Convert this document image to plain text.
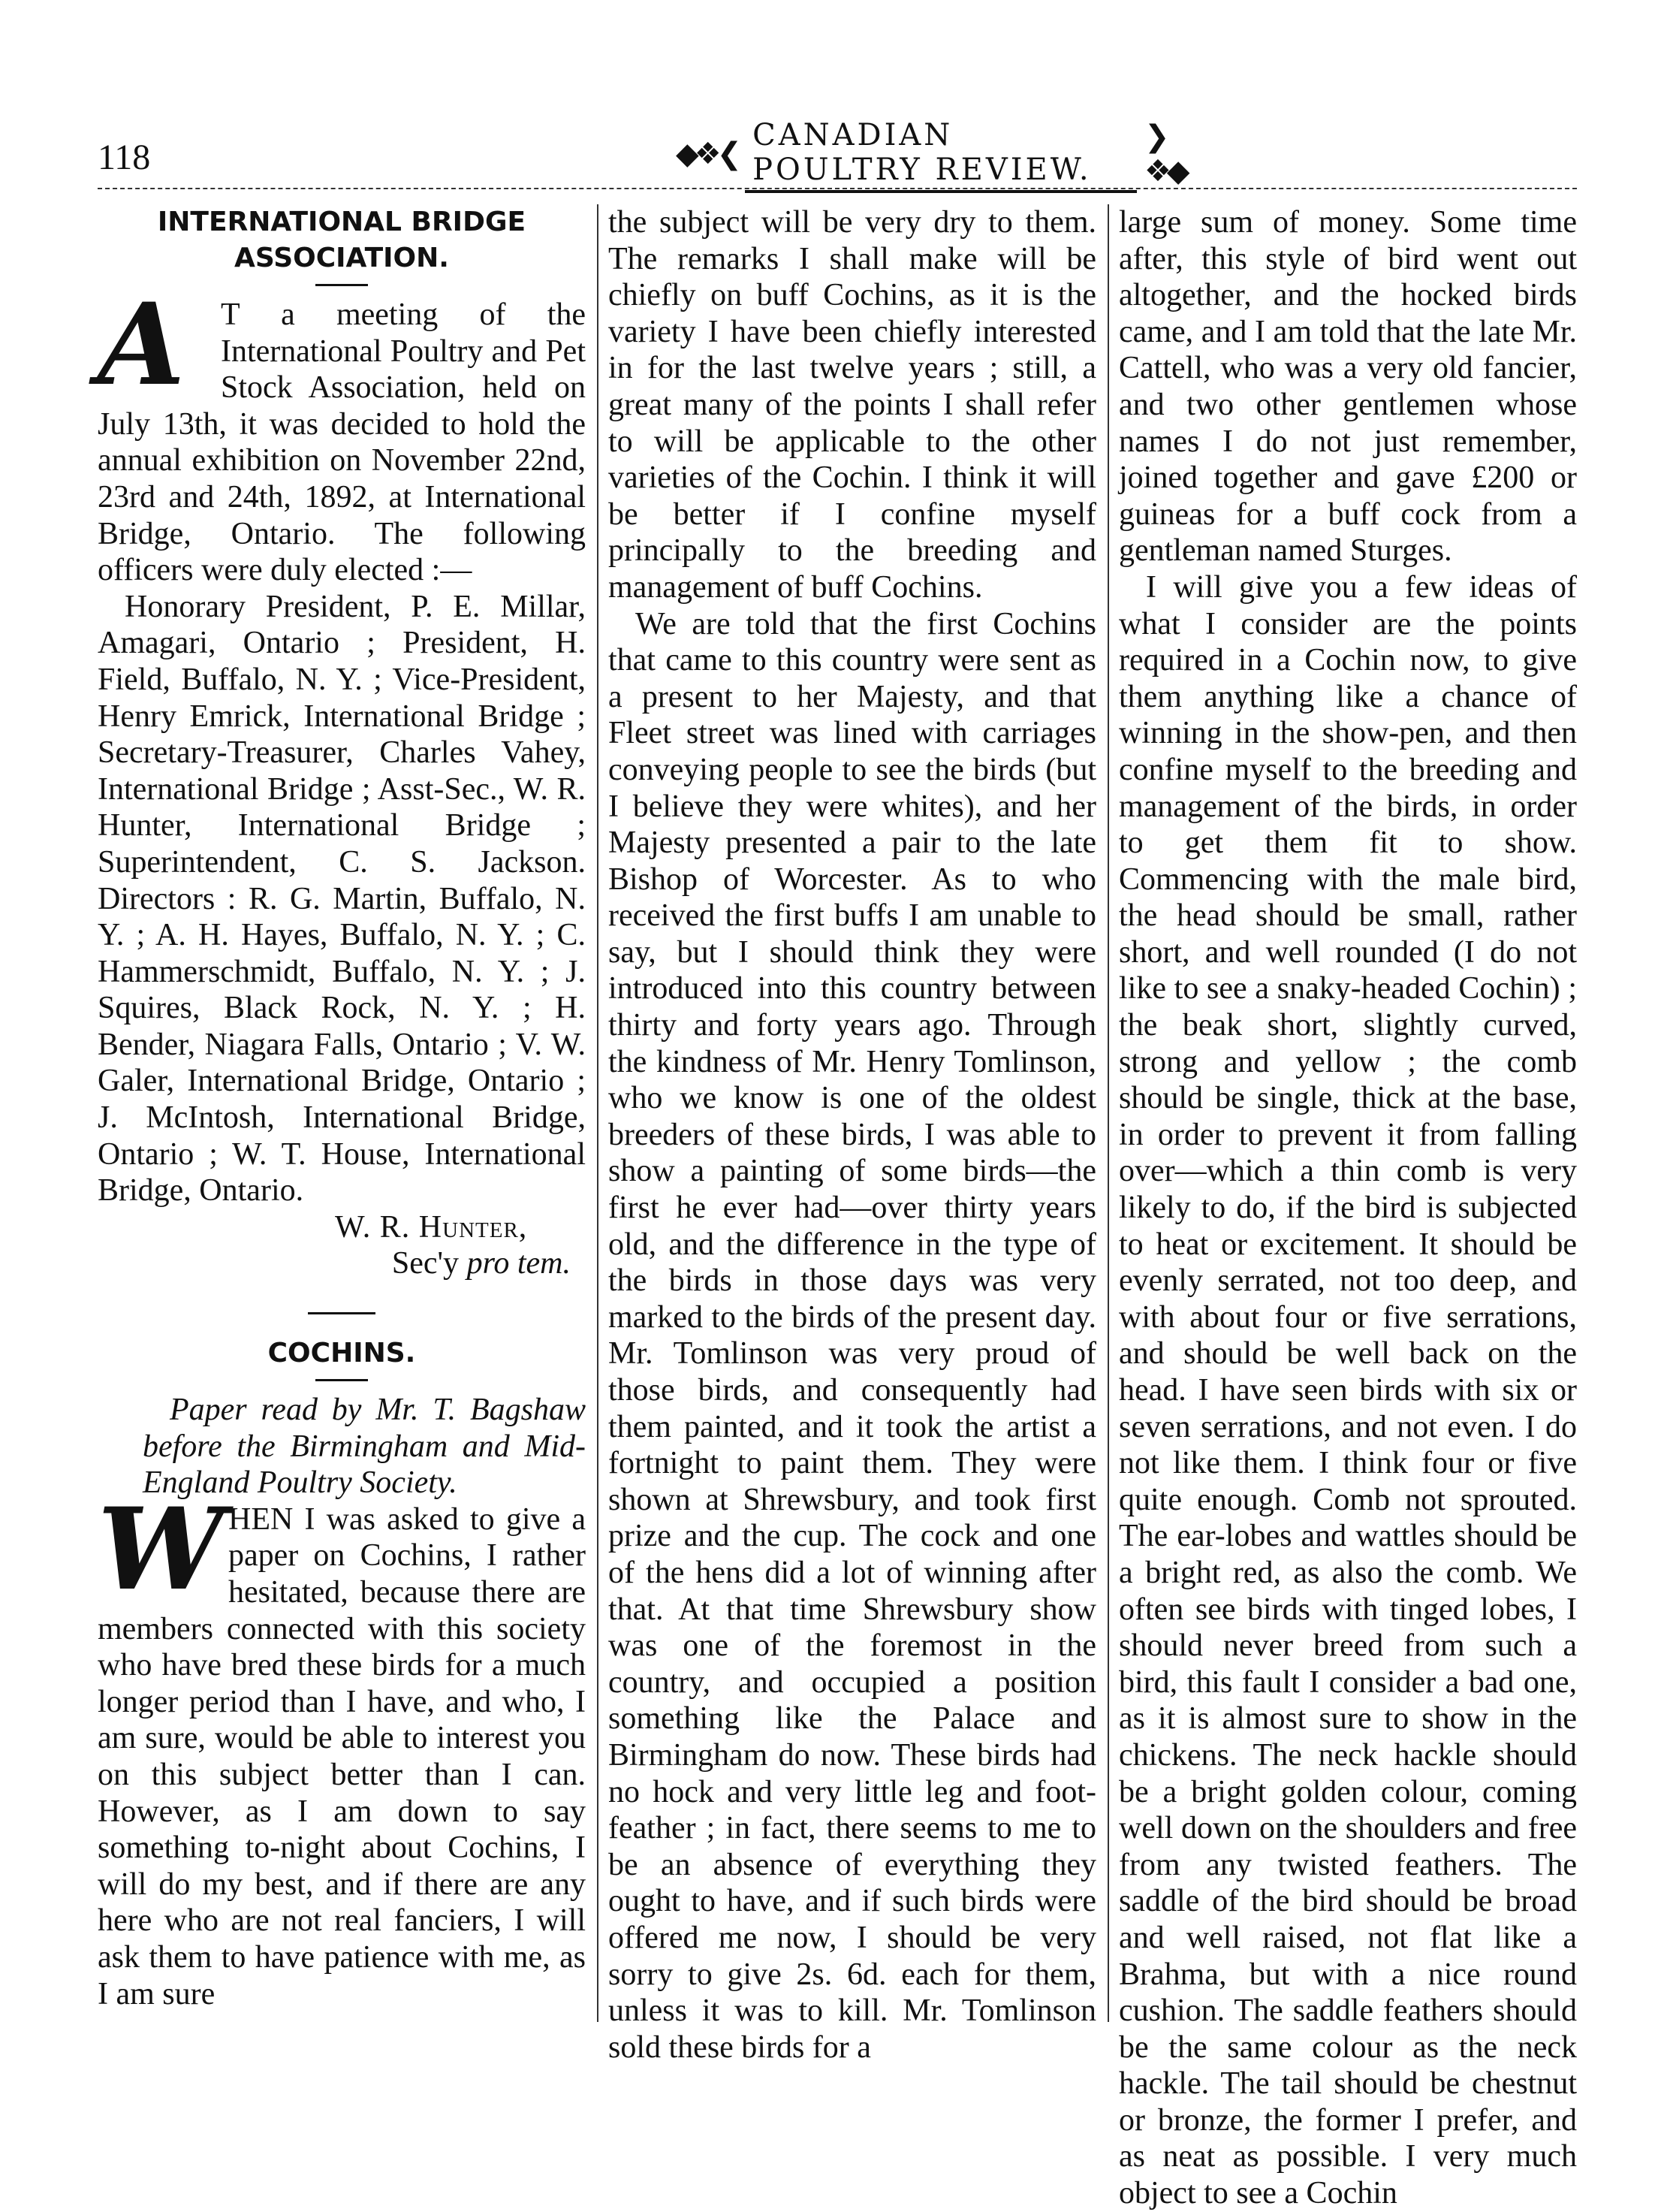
118	◆❖❮
CANADIAN POULTRY REVIEW.
❯❖◆
INTERNATIONAL BRIDGE ASSOCIATION.

A	T a meeting of the International Poultry and Pet Stock Association, held on July 13th, it was decided to hold the annual exhibition on November 22nd, 23rd and 24th, 1892, at International Bridge, Ontario. The following officers were duly elected :—

Honorary President, P. E. Millar, Amagari, Ontario ; President, H. Field, Buffalo, N. Y. ; Vice-President, Henry Emrick, International Bridge ; Secretary-Treasurer, Charles Vahey, International Bridge ; Asst-Sec., W. R. Hunter, International Bridge ; Superintendent, C. S. Jackson. Directors : R. G. Martin, Buffalo, N. Y. ; A. H. Hayes, Buffalo, N. Y. ; C. Hammerschmidt, Buffalo, N. Y. ; J. Squires, Black Rock, N. Y. ; H. Bender, Niagara Falls, Ontario ; V. W. Galer, International Bridge, Ontario ; J. McIntosh, International Bridge, Ontario ; W. T. House, International Bridge, Ontario.

W. R. Hunter,

Sec'y pro tem.

COCHINS.

Paper read by Mr. T. Bagshaw before the Birmingham and Mid-England Poultry Society.

WHEN I was asked to give a paper on Cochins, I rather hesitated, because there are members connected with this society who have bred these birds for a much longer period than I have, and who, I am sure, would be able to interest you on this subject better than I can. However, as I am down to say something to-night about Cochins, I will do my best, and if there are any here who are not real fanciers, I will ask them to have patience with me, as I am sure

the subject will be very dry to them. The remarks I shall make will be chiefly on buff Cochins, as it is the variety I have been chiefly interested in for the last twelve years ; still, a great many of the points I shall refer to will be applicable to the other varieties of the Cochin. I think it will be better if I confine myself principally to the breeding and management of buff Cochins.

We are told that the first Cochins that came to this country were sent as a present to her Majesty, and that Fleet street was lined with carriages conveying people to see the birds (but I believe they were whites), and her Majesty presented a pair to the late Bishop of Worcester. As to who received the first buffs I am unable to say, but I should think they were introduced into this country between thirty and forty years ago. Through the kindness of Mr. Henry Tomlinson, who we know is one of the oldest breeders of these birds, I was able to show a painting of some birds—the first he ever had—over thirty years old, and the difference in the type of the birds in those days was very marked to the birds of the present day. Mr. Tomlinson was very proud of those birds, and consequently had them painted, and it took the artist a fortnight to paint them. They were shown at Shrewsbury, and took first prize and the cup. The cock and one of the hens did a lot of winning after that. At that time Shrewsbury show was one of the foremost in the country, and occupied a position something like the Palace and Birmingham do now. These birds had no hock and very little leg and foot-feather ; in fact, there seems to me to be an absence of everything they ought to have, and if such birds were offered me now, I should be very sorry to give 2s. 6d. each for them, unless it was to kill. Mr. Tomlinson sold these birds for a

large sum of money. Some time after, this style of bird went out altogether, and the hocked birds came, and I am told that the late Mr. Cattell, who was a very old fancier, and two other gentlemen whose names I do not just remember, joined together and gave £200 or guineas for a buff cock from a gentleman named Sturges.

I will give you a few ideas of what I consider are the points required in a Cochin now, to give them anything like a chance of winning in the show-pen, and then confine myself to the breeding and management of the birds, in order to get them fit to show. Commencing with the male bird, the head should be small, rather short, and well rounded (I do not like to see a snaky-headed Cochin) ; the beak short, slightly curved, strong and yellow ; the comb should be single, thick at the base, in order to prevent it from falling over—which a thin comb is very likely to do, if the bird is subjected to heat or excitement. It should be evenly serrated, not too deep, and with about four or five serrations, and should be well back on the head. I have seen birds with six or seven serrations, and not even. I do not like them. I think four or five quite enough. Comb not sprouted. The ear-lobes and wattles should be a bright red, as also the comb. We often see birds with tinged lobes, I should never breed from such a bird, this fault I consider a bad one, as it is almost sure to show in the chickens. The neck hackle should be a bright golden colour, coming well down on the shoulders and free from any twisted feathers. The saddle of the bird should be broad and well raised, not flat like a Brahma, but with a nice round cushion. The saddle feathers should be the same colour as the neck hackle. The tail should be chestnut or bronze, the former I prefer, and as neat as possible. I very much object to see a Cochin
